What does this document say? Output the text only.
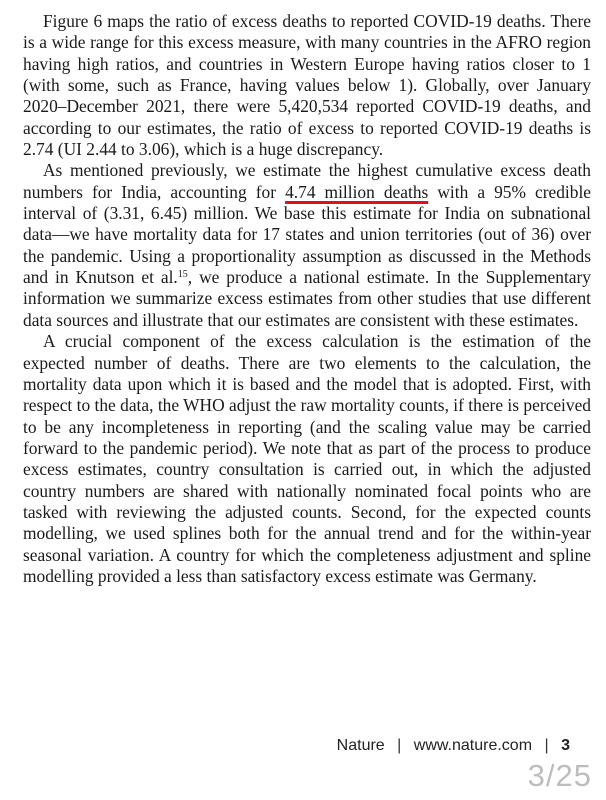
Figure 6 maps the ratio of excess deaths to reported COVID-19 deaths. There is a wide range for this excess measure, with many countries in the AFRO region having high ratios, and countries in Western Europe having ratios closer to 1 (with some, such as France, having values below 1). Globally, over January 2020–December 2021, there were 5,420,534 reported COVID-19 deaths, and according to our estimates, the ratio of excess to reported COVID-19 deaths is 2.74 (UI 2.44 to 3.06), which is a huge discrepancy.

As mentioned previously, we estimate the highest cumulative excess death numbers for India, accounting for 4.74 million deaths with a 95% credible interval of (3.31, 6.45) million. We base this estimate for India on subnational data—we have mortality data for 17 states and union territories (out of 36) over the pandemic. Using a proportionality assumption as discussed in the Methods and in Knutson et al.$^{15}$, we produce a national estimate. In the Supplementary information we summarize excess estimates from other studies that use different data sources and illustrate that our estimates are consistent with these estimates.

A crucial component of the excess calculation is the estimation of the expected number of deaths. There are two elements to the calculation, the mortality data upon which it is based and the model that is adopted. First, with respect to the data, the WHO adjust the raw mortality counts, if there is perceived to be any incompleteness in reporting (and the scaling value may be carried forward to the pandemic period). We note that as part of the process to produce excess estimates, country consultation is carried out, in which the adjusted country numbers are shared with nationally nominated focal points who are tasked with reviewing the adjusted counts. Second, for the expected counts modelling, we used splines both for the annual trend and for the within-year seasonal variation. A country for which the completeness adjustment and spline modelling provided a less than satisfactory excess estimate was Germany.

Nature | www.nature.com | 3
3/25
